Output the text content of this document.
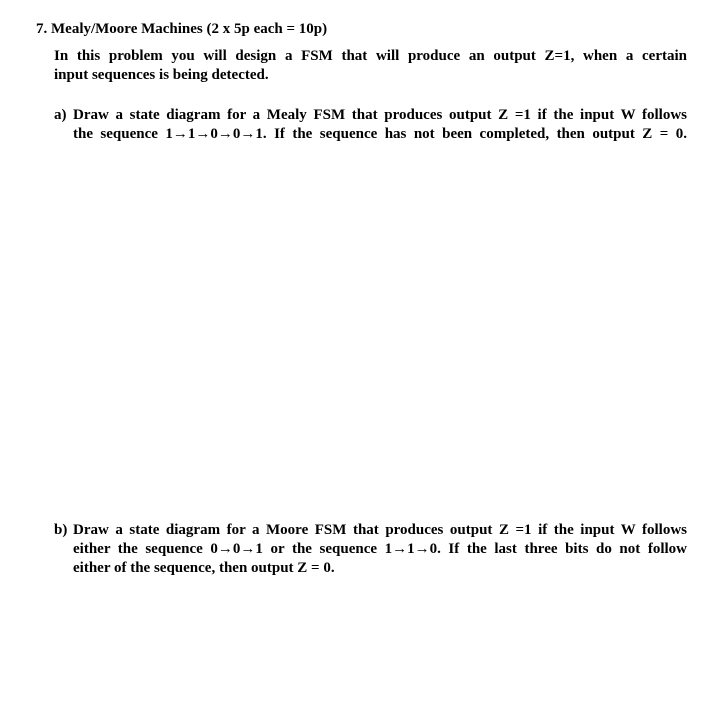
7. Mealy/Moore Machines (2 x 5p each = 10p)
In this problem you will design a FSM that will produce an output Z=1, when a certain
input sequences is being detected.
a) Draw a state diagram for a Mealy FSM that produces output Z =1 if the input W follows
the sequence 1→1→0→0→1. If the sequence has not been completed, then output Z = 0.
b) Draw a state diagram for a Moore FSM that produces output Z =1 if the input W follows
either the sequence 0→0→1 or the sequence 1→1→0. If the last three bits do not follow
either of the sequence, then output Z = 0.
